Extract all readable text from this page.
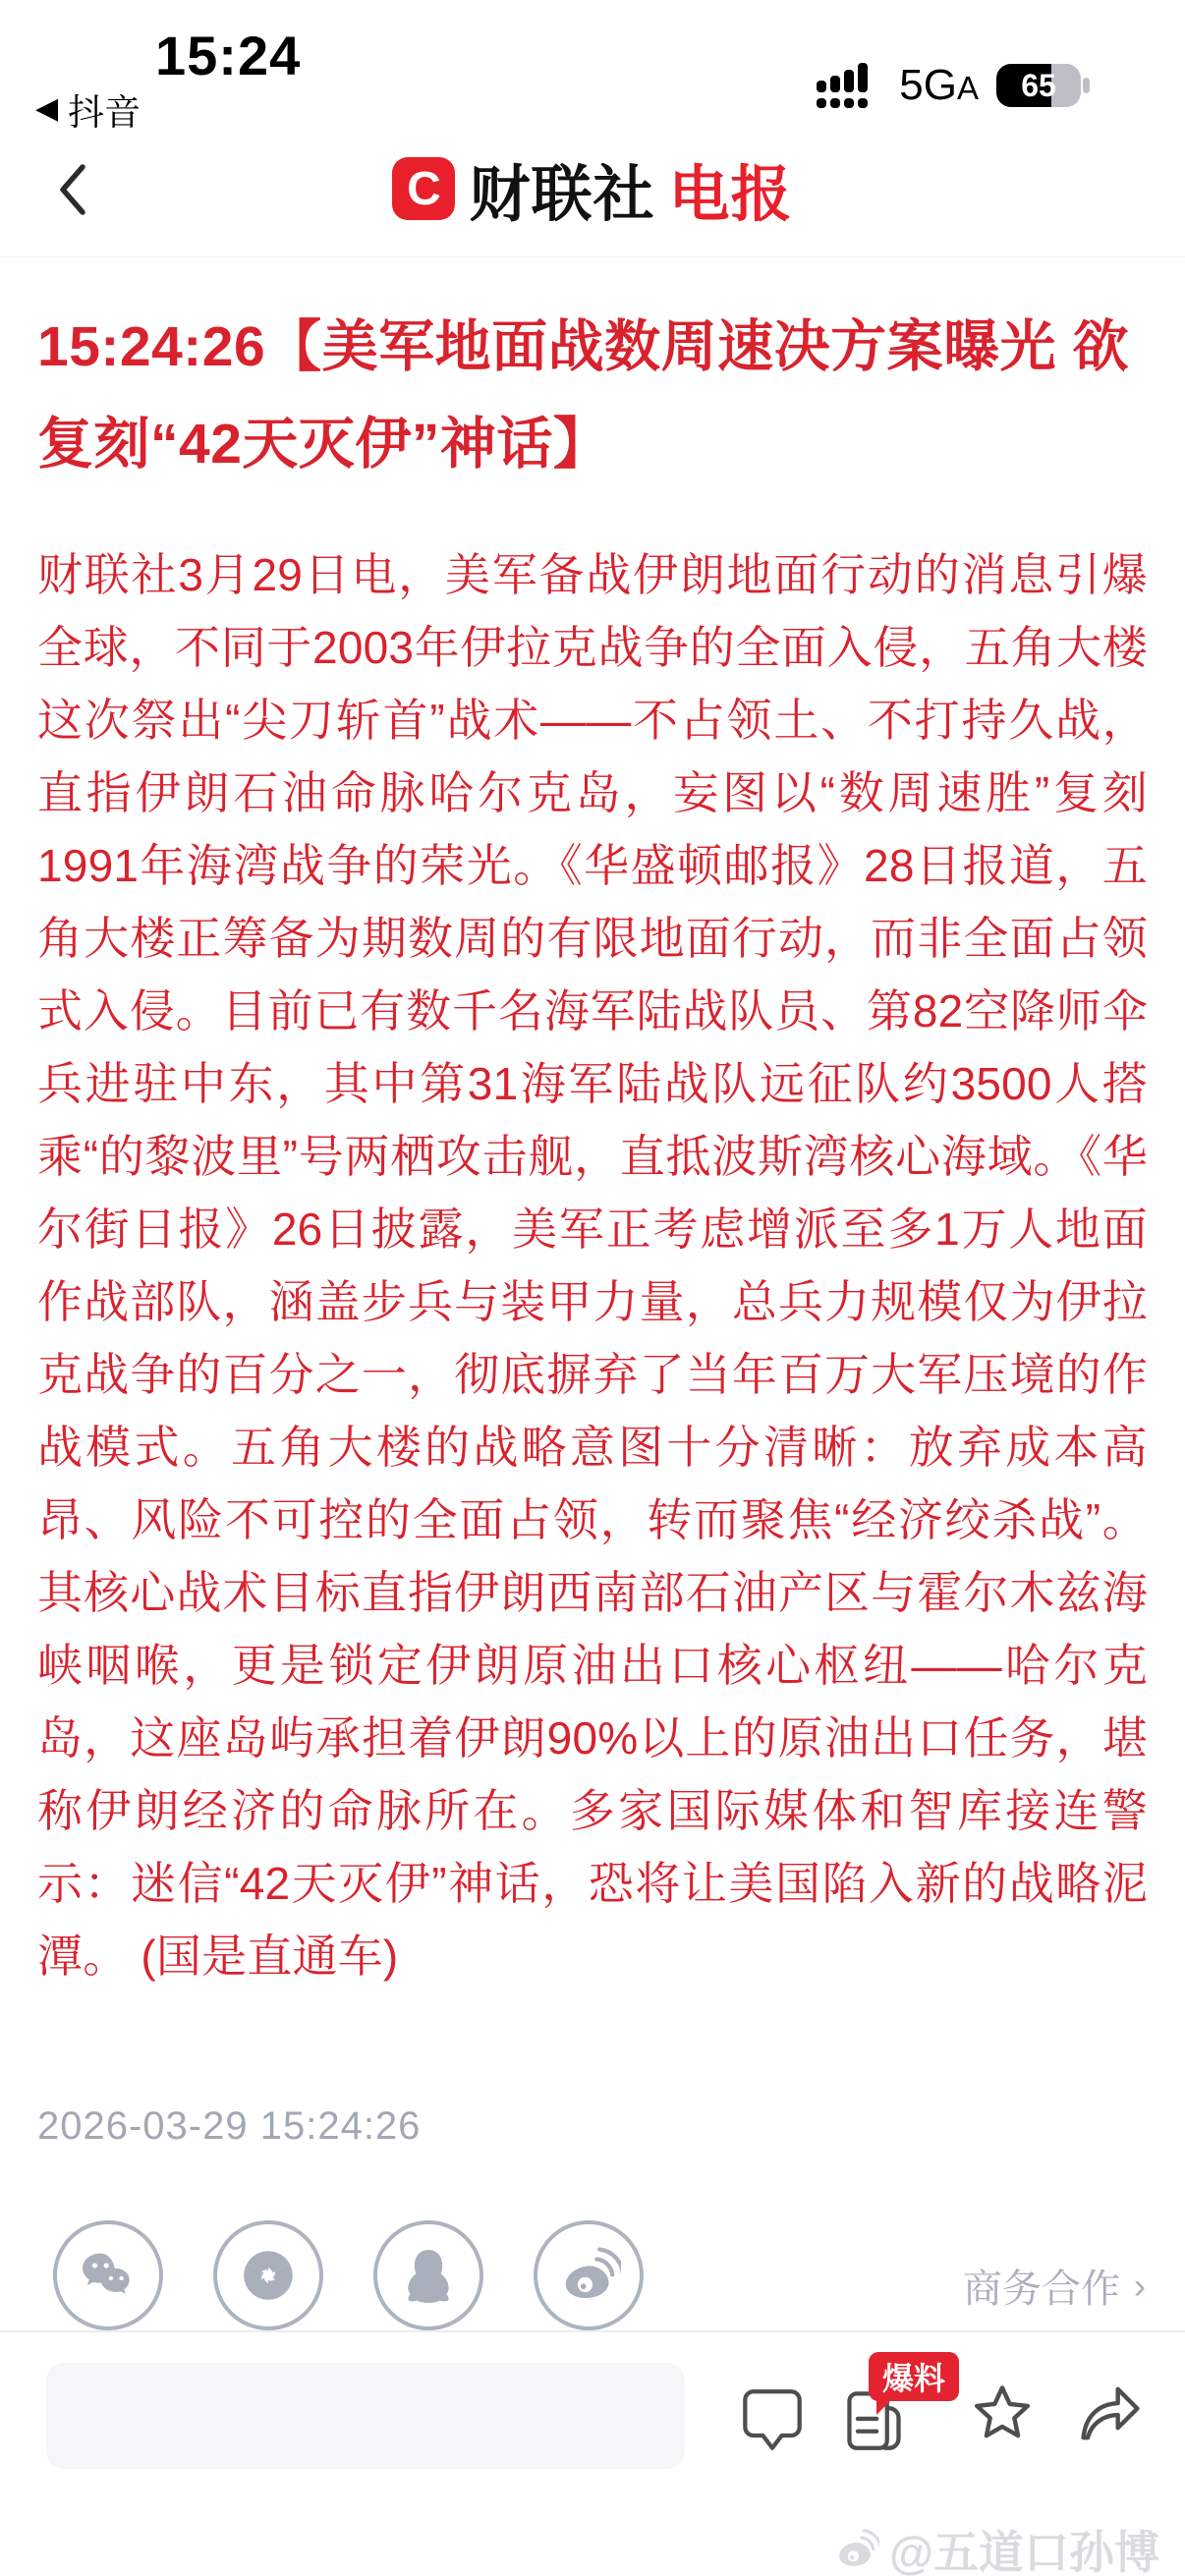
15:24
◀ 抖音
5GA 65
C 财联社 电报
15:24:26【美军地面战数周速决方案曝光 欲复刻“42天灭伊”神话】
财联社3月29日电，美军备战伊朗地面行动的消息引爆全球，不同于2003年伊拉克战争的全面入侵，五角大楼这次祭出“尖刀斩首”战术——不占领土、不打持久战，直指伊朗石油命脉哈尔克岛，妄图以“数周速胜”复刻1991年海湾战争的荣光。《华盛顿邮报》28日报道，五角大楼正筹备为期数周的有限地面行动，而非全面占领式入侵。目前已有数千名海军陆战队员、第82空降师伞兵进驻中东，其中第31海军陆战队远征队约3500人搭乘“的黎波里”号两栖攻击舰，直抵波斯湾核心海域。《华尔街日报》26日披露，美军正考虑增派至多1万人地面作战部队，涵盖步兵与装甲力量，总兵力规模仅为伊拉克战争的百分之一，彻底摒弃了当年百万大军压境的作战模式。五角大楼的战略意图十分清晰：放弃成本高昂、风险不可控的全面占领，转而聚焦“经济绞杀战”。其核心战术目标直指伊朗西南部石油产区与霍尔木兹海峡咽喉，更是锁定伊朗原油出口核心枢纽——哈尔克岛，这座岛屿承担着伊朗90%以上的原油出口任务，堪称伊朗经济的命脉所在。多家国际媒体和智库接连警示：迷信“42天灭伊”神话，恐将让美国陷入新的战略泥潭。 (国是直通车)
2026-03-29 15:24:26
商务合作 ›
爆料
@五道口孙博
